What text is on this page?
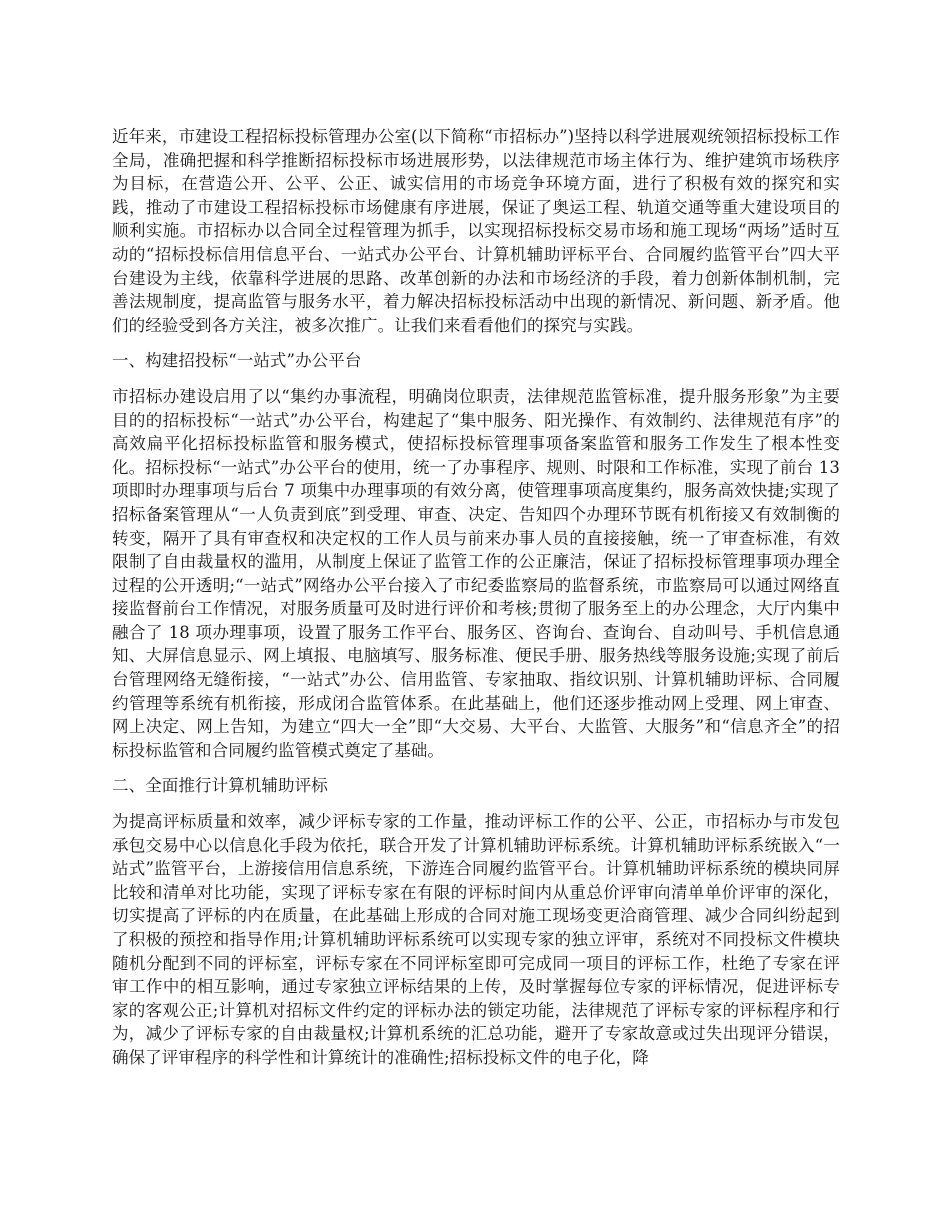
近年来，市建设工程招标投标管理办公室(以下简称“市招标办”)坚持以科学进展观统领招标投标工作全局，准确把握和科学推断招标投标市场进展形势，以法律规范市场主体行为、维护建筑市场秩序为目标，在营造公开、公平、公正、诚实信用的市场竞争环境方面，进行了积极有效的探究和实践，推动了市建设工程招标投标市场健康有序进展，保证了奥运工程、轨道交通等重大建设项目的顺利实施。市招标办以合同全过程管理为抓手，以实现招标投标交易市场和施工现场“两场”适时互动的“招标投标信用信息平台、一站式办公平台、计算机辅助评标平台、合同履约监管平台”四大平台建设为主线，依靠科学进展的思路、改革创新的办法和市场经济的手段，着力创新体制机制，完善法规制度，提高监管与服务水平，着力解决招标投标活动中出现的新情况、新问题、新矛盾。他们的经验受到各方关注，被多次推广。让我们来看看他们的探究与实践。

一、构建招投标“一站式”办公平台

市招标办建设启用了以“集约办事流程，明确岗位职责，法律规范监管标准，提升服务形象”为主要目的的招标投标“一站式”办公平台，构建起了“集中服务、阳光操作、有效制约、法律规范有序”的高效扁平化招标投标监管和服务模式，使招标投标管理事项备案监管和服务工作发生了根本性变化。招标投标“一站式”办公平台的使用，统一了办事程序、规则、时限和工作标准，实现了前台 13 项即时办理事项与后台 7 项集中办理事项的有效分离，使管理事项高度集约，服务高效快捷;实现了招标备案管理从“一人负责到底”到受理、审查、决定、告知四个办理环节既有机衔接又有效制衡的转变，隔开了具有审查权和决定权的工作人员与前来办事人员的直接接触，统一了审查标准，有效限制了自由裁量权的滥用，从制度上保证了监管工作的公正廉洁，保证了招标投标管理事项办理全过程的公开透明;“一站式”网络办公平台接入了市纪委监察局的监督系统，市监察局可以通过网络直接监督前台工作情况，对服务质量可及时进行评价和考核;贯彻了服务至上的办公理念，大厅内集中融合了 18 项办理事项，设置了服务工作平台、服务区、咨询台、查询台、自动叫号、手机信息通知、大屏信息显示、网上填报、电脑填写、服务标准、便民手册、服务热线等服务设施;实现了前后台管理网络无缝衔接，“一站式”办公、信用监管、专家抽取、指纹识别、计算机辅助评标、合同履约管理等系统有机衔接，形成闭合监管体系。在此基础上，他们还逐步推动网上受理、网上审查、网上决定、网上告知，为建立“四大一全”即“大交易、大平台、大监管、大服务”和“信息齐全”的招标投标监管和合同履约监管模式奠定了基础。

二、全面推行计算机辅助评标

为提高评标质量和效率，减少评标专家的工作量，推动评标工作的公平、公正，市招标办与市发包承包交易中心以信息化手段为依托，联合开发了计算机辅助评标系统。计算机辅助评标系统嵌入“一站式”监管平台，上游接信用信息系统，下游连合同履约监管平台。计算机辅助评标系统的模块同屏比较和清单对比功能，实现了评标专家在有限的评标时间内从重总价评审向清单单价评审的深化，切实提高了评标的内在质量，在此基础上形成的合同对施工现场变更洽商管理、减少合同纠纷起到了积极的预控和指导作用;计算机辅助评标系统可以实现专家的独立评审，系统对不同投标文件模块随机分配到不同的评标室，评标专家在不同评标室即可完成同一项目的评标工作，杜绝了专家在评审工作中的相互影响，通过专家独立评标结果的上传，及时掌握每位专家的评标情况，促进评标专家的客观公正;计算机对招标文件约定的评标办法的锁定功能，法律规范了评标专家的评标程序和行为，减少了评标专家的自由裁量权;计算机系统的汇总功能，避开了专家故意或过失出现评分错误，确保了评审程序的科学性和计算统计的准确性;招标投标文件的电子化，降
